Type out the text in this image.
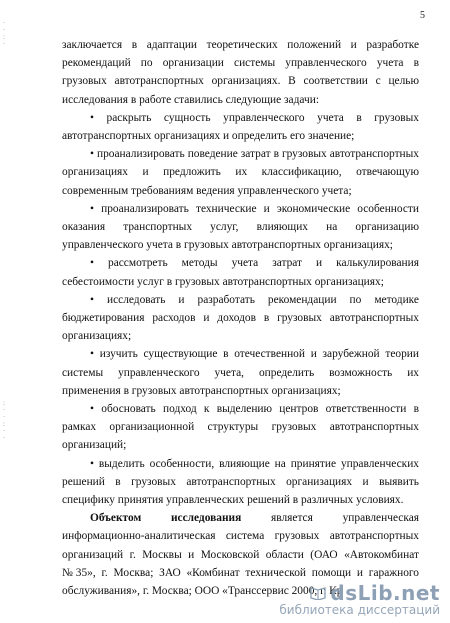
·
·
:
·
:
·
·
:
·
·
5

заключается в адаптации теоретических положений и разработке рекомендаций по организации системы управленческого учета в грузовых автотранспортных организациях. В соответствии с целью исследования в работе ставились следующие задачи:

• раскрыть сущность управленческого учета в грузовых автотранспортных организациях и определить его значение;

• проанализировать поведение затрат в грузовых автотранспортных организациях и предложить их классификацию, отвечающую современным требованиям ведения управленческого учета;

• проанализировать технические и экономические особенности оказания транспортных услуг, влияющих на организацию управленческого учета в грузовых автотранспортных организациях;

• рассмотреть методы учета затрат и калькулирования себестоимости услуг в грузовых автотранспортных организациях;

• исследовать и разработать рекомендации по методике бюджетирования расходов и доходов в грузовых автотранспортных организациях;

• изучить существующие в отечественной и зарубежной теории системы управленческого учета, определить возможность их применения в грузовых автотранспортных организациях;

• обосновать подход к выделению центров ответственности в рамках организационной структуры грузовых автотранспортных организаций;

• выделить особенности, влияющие на принятие управленческих решений в грузовых автотранспортных организациях и выявить специфику принятия управленческих решений в различных условиях.

Объектом исследования является управленческая информационно-аналитическая система грузовых автотранспортных организаций г. Москвы и Московской области (ОАО «Автокомбинат №35», г. Москва; ЗАО «Комбинат технической помощи и гаражного обслуживания», г. Москва; ООО «Транссервис 2000, г. Кр

dsLib.net
библиотека диссертаций
